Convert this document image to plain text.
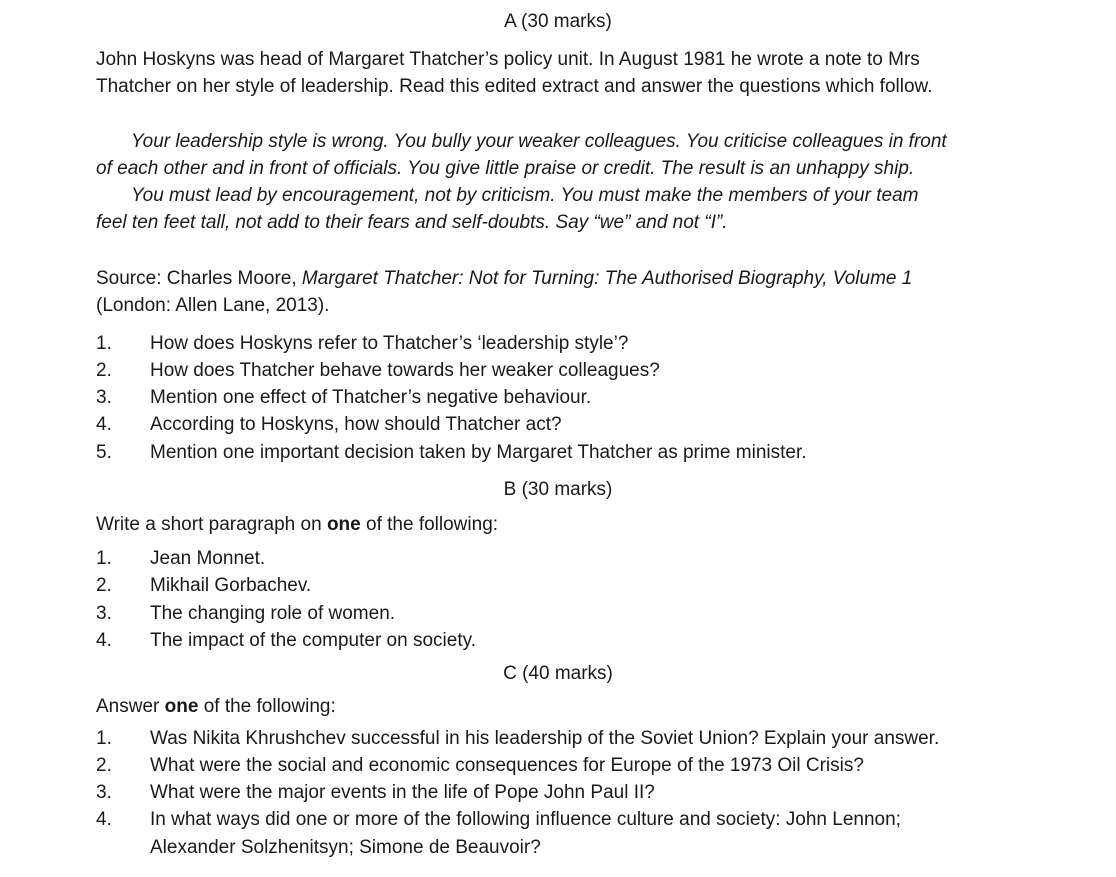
A (30 marks)
John Hoskyns was head of Margaret Thatcher’s policy unit. In August 1981 he wrote a note to Mrs
Thatcher on her style of leadership. Read this edited extract and answer the questions which follow.
Your leadership style is wrong. You bully your weaker colleagues. You criticise colleagues in front
of each other and in front of officials. You give little praise or credit. The result is an unhappy ship.
You must lead by encouragement, not by criticism. You must make the members of your team
feel ten feet tall, not add to their fears and self-doubts. Say “we” and not “I”.
Source: Charles Moore, Margaret Thatcher: Not for Turning: The Authorised Biography, Volume 1
(London: Allen Lane, 2013).
1. How does Hoskyns refer to Thatcher’s ‘leadership style’?
2. How does Thatcher behave towards her weaker colleagues?
3. Mention one effect of Thatcher’s negative behaviour.
4. According to Hoskyns, how should Thatcher act?
5. Mention one important decision taken by Margaret Thatcher as prime minister.
B (30 marks)
Write a short paragraph on one of the following:
1. Jean Monnet.
2. Mikhail Gorbachev.
3. The changing role of women.
4. The impact of the computer on society.
C (40 marks)
Answer one of the following:
1. Was Nikita Khrushchev successful in his leadership of the Soviet Union? Explain your answer.
2. What were the social and economic consequences for Europe of the 1973 Oil Crisis?
3. What were the major events in the life of Pope John Paul II?
4. In what ways did one or more of the following influence culture and society: John Lennon;
Alexander Solzhenitsyn; Simone de Beauvoir?
